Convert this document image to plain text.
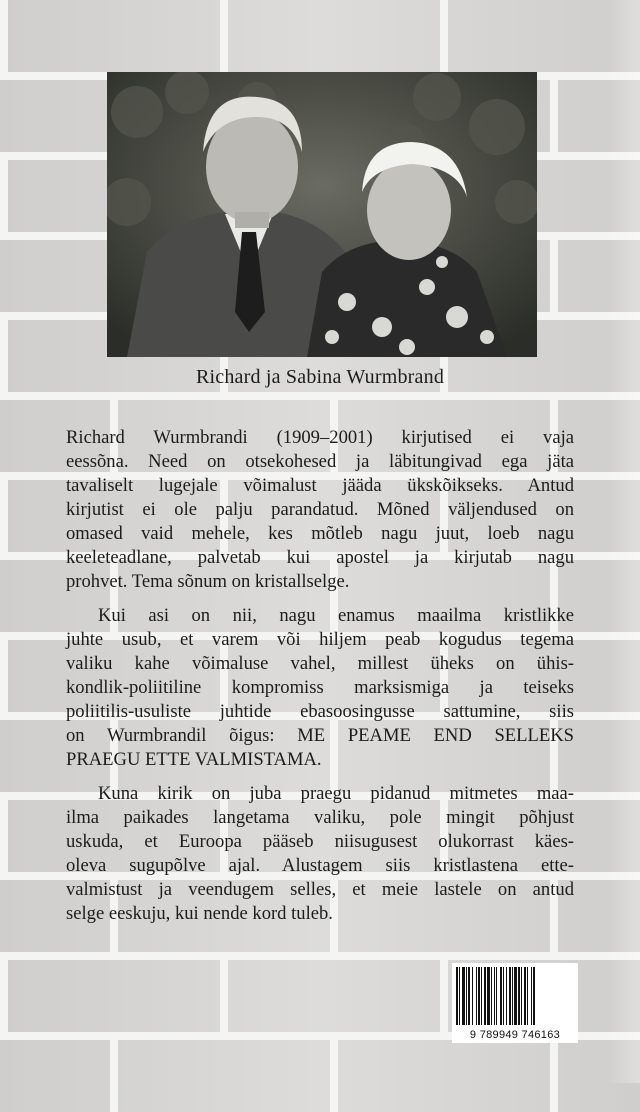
Richard ja Sabina Wurmbrand

Richard Wurmbrandi (1909–2001) kirjutised ei vaja
eessõna. Need on otsekohesed ja läbitungivad ega jäta
tavaliselt lugejale võimalust jääda ükskõikseks. Antud
kirjutist ei ole palju parandatud. Mõned väljendused on
omased vaid mehele, kes mõtleb nagu juut, loeb nagu
keeleteadlane, palvetab kui apostel ja kirjutab nagu
prohvet. Tema sõnum on kristallselge.

Kui asi on nii, nagu enamus maailma kristlikke
juhte usub, et varem või hiljem peab kogudus tegema
valiku kahe võimaluse vahel, millest üheks on ühis-
kondlik-poliitiline kompromiss marksismiga ja teiseks
poliitilis-usuliste juhtide ebasoosingusse sattumine, siis
on Wurmbrandil õigus: ME PEAME END SELLEKS
PRAEGU ETTE VALMISTAMA.

Kuna kirik on juba praegu pidanud mitmetes maa-
ilma paikades langetama valiku, pole mingit põhjust
uskuda, et Euroopa pääseb niisugusest olukorrast käes-
oleva sugupõlve ajal. Alustagem siis kristlastena ette-
valmistust ja veendugem selles, et meie lastele on antud
selge eeskuju, kui nende kord tuleb.

9 789949 746163
